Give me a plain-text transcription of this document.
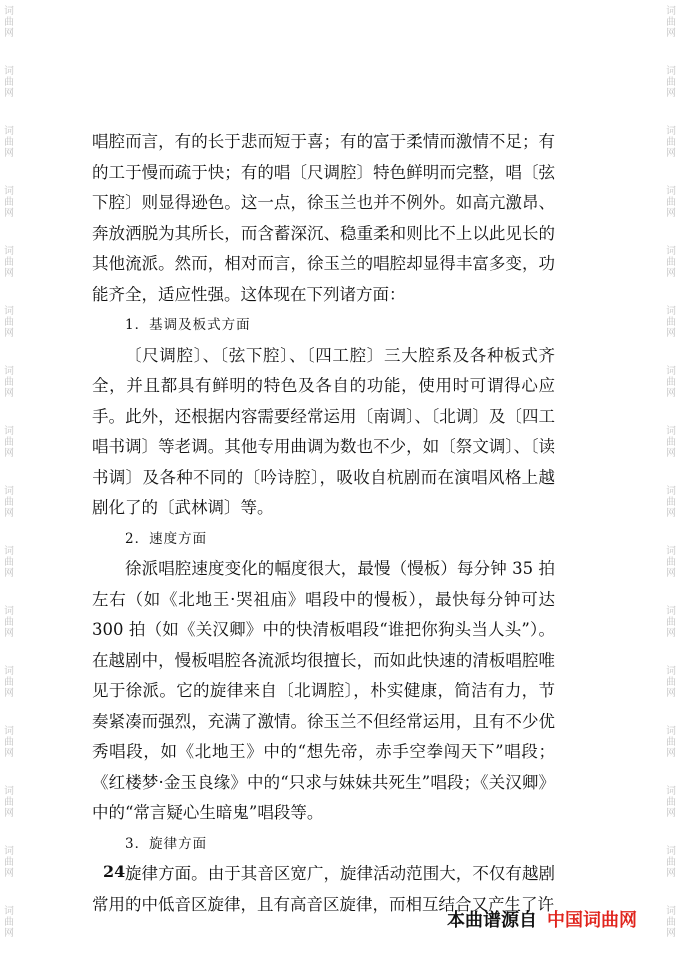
词
曲
网
词
曲
网
词
曲
网
词
曲
网
词
曲
网
词
曲
网
词
曲
网
词
曲
网
词
曲
网
词
曲
网
词
曲
网
词
曲
网
词
曲
网
词
曲
网
词
曲
网
词
曲
网
词
曲
网
词
曲
网
词
曲
网
词
曲
网
词
曲
网
词
曲
网
词
曲
网
词
曲
网
词
曲
网
词
曲
网
词
曲
网
词
曲
网
词
曲
网
词
曲
网
词
曲
网
词
曲
网

唱腔而言，有的长于悲而短于喜；有的富于柔情而激情不足；有的工于慢而疏于快；有的唱〔尺调腔〕特色鲜明而完整，唱〔弦下腔〕则显得逊色。这一点，徐玉兰也并不例外。如高亢激昂、奔放洒脱为其所长，而含蓄深沉、稳重柔和则比不上以此见长的其他流派。然而，相对而言，徐玉兰的唱腔却显得丰富多变，功能齐全，适应性强。这体现在下列诸方面：

1．基调及板式方面

〔尺调腔〕、〔弦下腔〕、〔四工腔〕三大腔系及各种板式齐全，并且都具有鲜明的特色及各自的功能，使用时可谓得心应手。此外，还根据内容需要经常运用〔南调〕、〔北调〕及〔四工唱书调〕等老调。其他专用曲调为数也不少，如〔祭文调〕、〔读书调〕及各种不同的〔吟诗腔〕，吸收自杭剧而在演唱风格上越剧化了的〔武林调〕等。

2．速度方面

徐派唱腔速度变化的幅度很大，最慢（慢板）每分钟 35 拍左右（如《北地王·哭祖庙》唱段中的慢板），最快每分钟可达 300 拍（如《关汉卿》中的快清板唱段“谁把你狗头当人头”）。在越剧中，慢板唱腔各流派均很擅长，而如此快速的清板唱腔唯见于徐派。它的旋律来自〔北调腔〕，朴实健康，简洁有力，节奏紧凑而强烈，充满了激情。徐玉兰不但经常运用，且有不少优秀唱段，如《北地王》中的“想先帝，赤手空拳闯天下”唱段；《红楼梦·金玉良缘》中的“只求与妹妹共死生”唱段；《关汉卿》中的“常言疑心生暗鬼”唱段等。

3．旋律方面

旋律方面。由于其音区宽广，旋律活动范围大，不仅有越剧常用的中低音区旋律，且有高音区旋律，而相互结合又产生了许

24
本曲谱源自 中国词曲网
